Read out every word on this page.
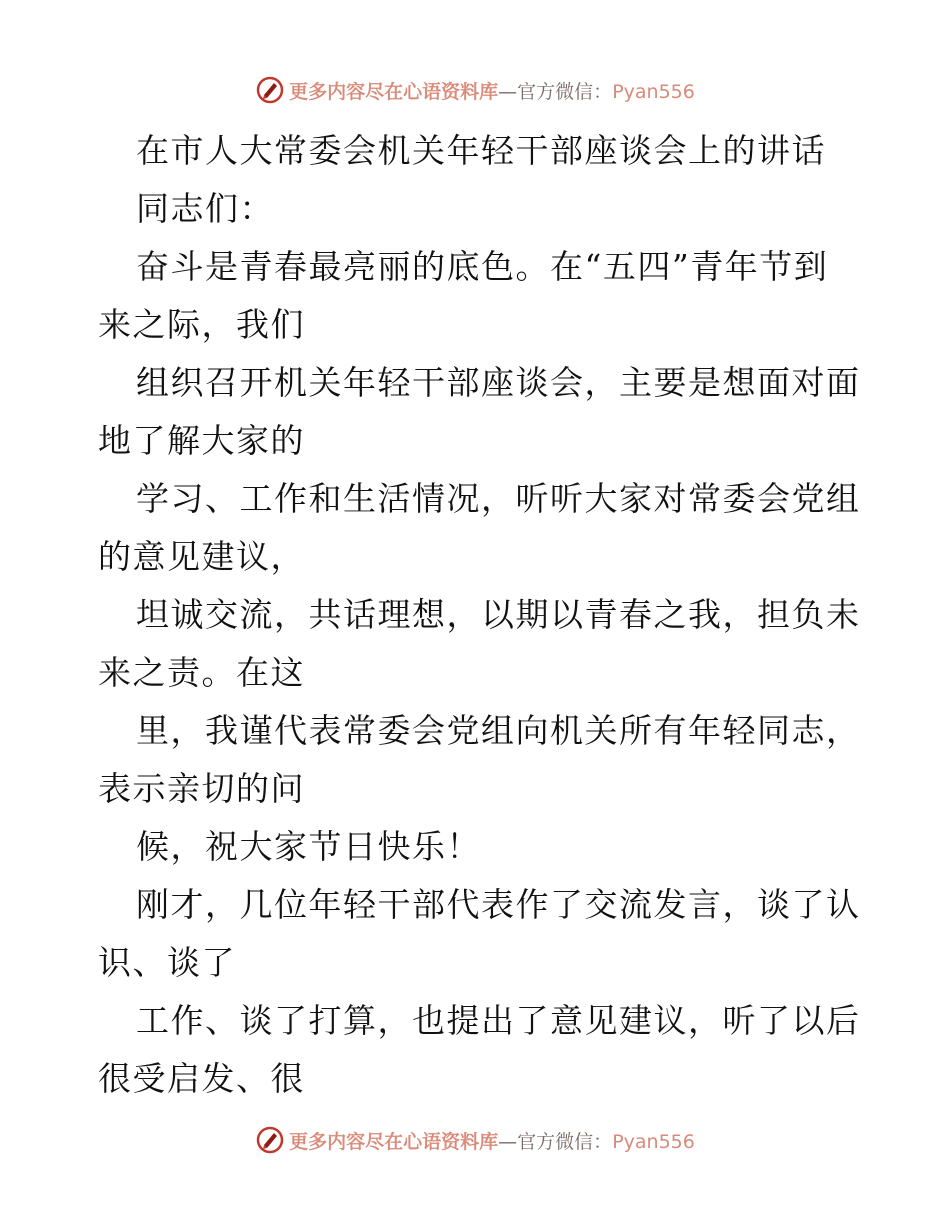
更多内容尽在心语资料库—官方微信：Pyan556
在市人大常委会机关年轻干部座谈会上的讲话
同志们：
奋斗是青春最亮丽的底色。在“五四”青年节到
来之际，我们
组织召开机关年轻干部座谈会，主要是想面对面
地了解大家的
学习、工作和生活情况，听听大家对常委会党组
的意见建议，
坦诚交流，共话理想，以期以青春之我，担负未
来之责。在这
里，我谨代表常委会党组向机关所有年轻同志，
表示亲切的问
候，祝大家节日快乐！
刚才，几位年轻干部代表作了交流发言，谈了认
识、谈了
工作、谈了打算，也提出了意见建议，听了以后
很受启发、很
更多内容尽在心语资料库—官方微信：Pyan556
